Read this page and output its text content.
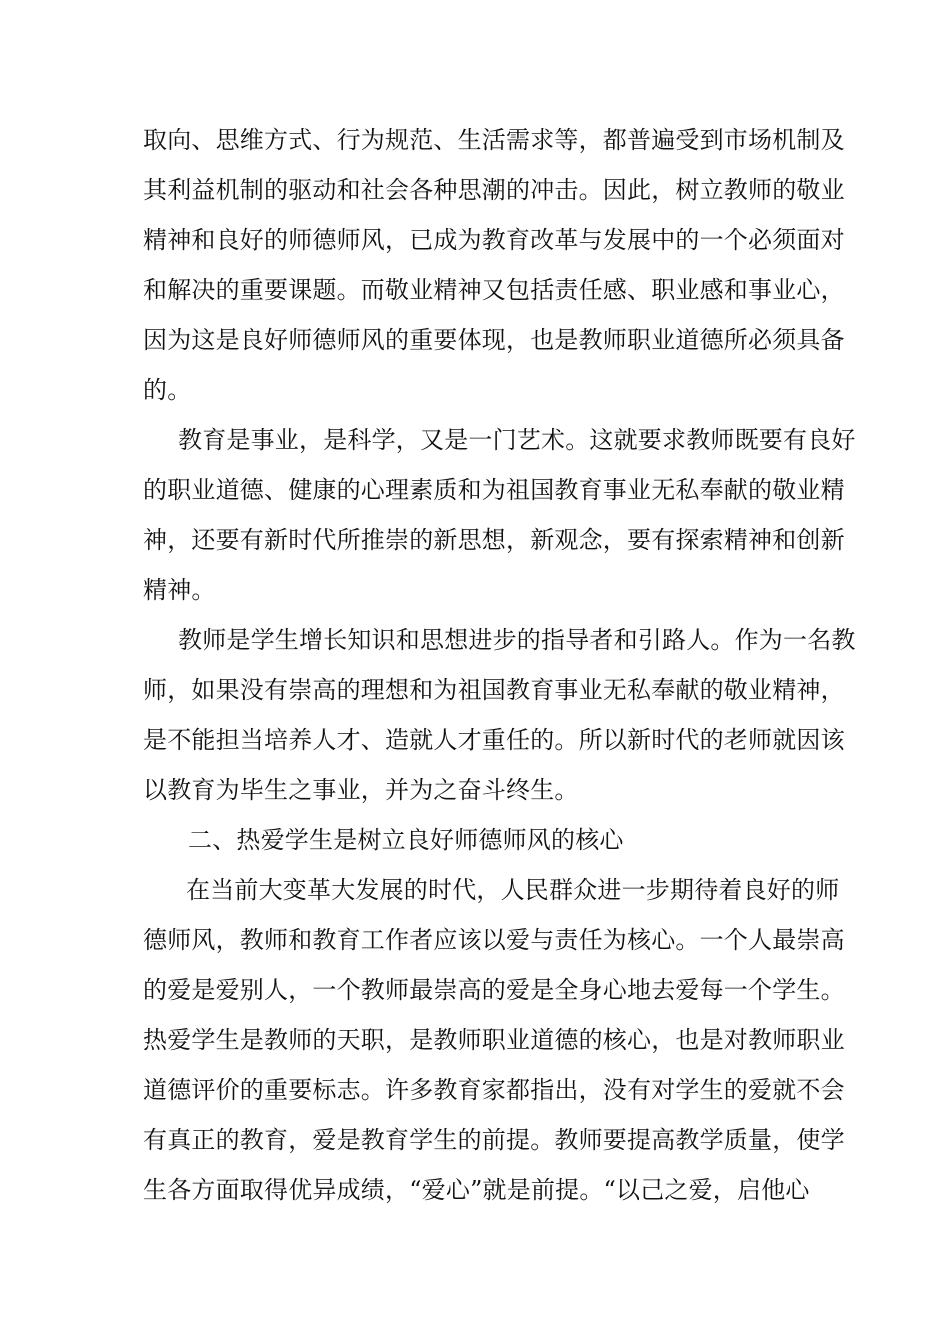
取向、思维方式、行为规范、生活需求等，都普遍受到市场机制及
其利益机制的驱动和社会各种思潮的冲击。因此，树立教师的敬业
精神和良好的师德师风，已成为教育改革与发展中的一个必须面对
和解决的重要课题。而敬业精神又包括责任感、职业感和事业心，
因为这是良好师德师风的重要体现，也是教师职业道德所必须具备
的。
教育是事业，是科学，又是一门艺术。这就要求教师既要有良好
的职业道德、健康的心理素质和为祖国教育事业无私奉献的敬业精
神，还要有新时代所推崇的新思想，新观念，要有探索精神和创新
精神。
教师是学生增长知识和思想进步的指导者和引路人。作为一名教
师，如果没有崇高的理想和为祖国教育事业无私奉献的敬业精神，
是不能担当培养人才、造就人才重任的。所以新时代的老师就因该
以教育为毕生之事业，并为之奋斗终生。
二、热爱学生是树立良好师德师风的核心
在当前大变革大发展的时代，人民群众进一步期待着良好的师
德师风，教师和教育工作者应该以爱与责任为核心。一个人最崇高
的爱是爱别人，一个教师最崇高的爱是全身心地去爱每一个学生。
热爱学生是教师的天职，是教师职业道德的核心，也是对教师职业
道德评价的重要标志。许多教育家都指出，没有对学生的爱就不会
有真正的教育，爱是教育学生的前提。教师要提高教学质量，使学
生各方面取得优异成绩，“爱心”就是前提。“以己之爱，启他心
